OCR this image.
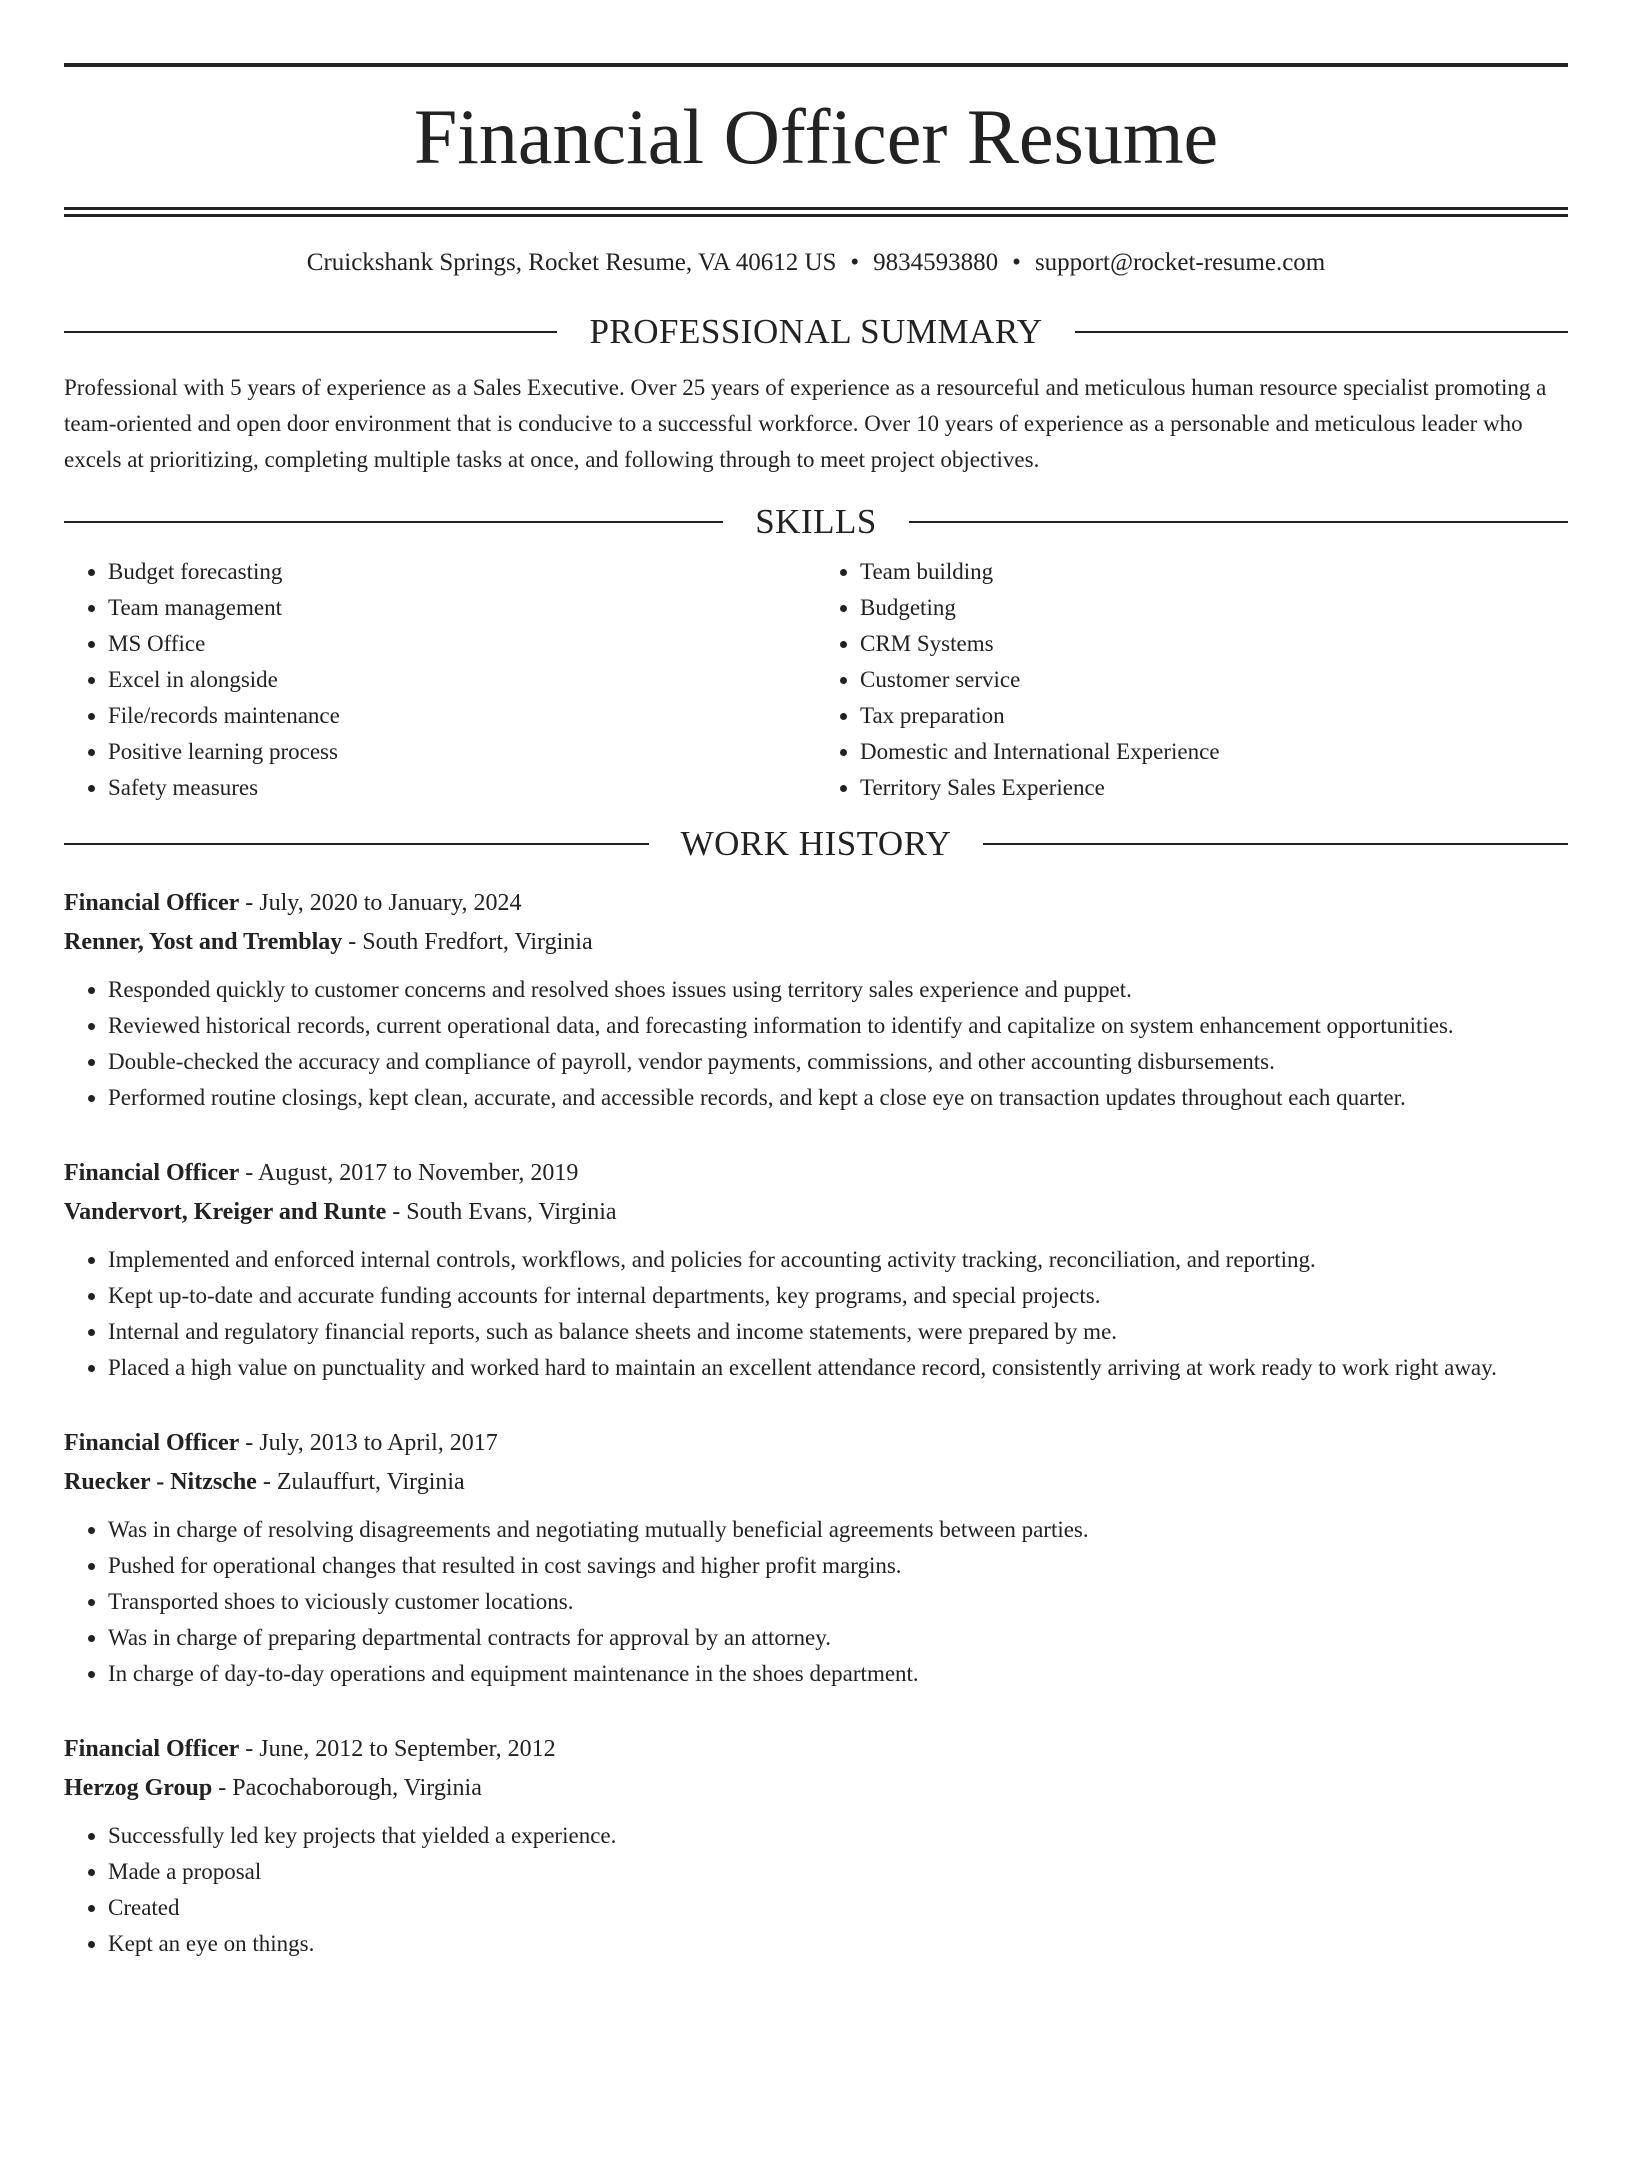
Financial Officer Resume
Cruickshank Springs, Rocket Resume, VA 40612 US • 9834593880 • support@rocket-resume.com
PROFESSIONAL SUMMARY

Professional with 5 years of experience as a Sales Executive. Over 25 years of experience as a resourceful and meticulous human resource specialist promoting a team-oriented and open door environment that is conducive to a successful workforce. Over 10 years of experience as a personable and meticulous leader who excels at prioritizing, completing multiple tasks at once, and following through to meet project objectives.

SKILLS
• Budget forecasting
• Team management
• MS Office
• Excel in alongside
• File/records maintenance
• Positive learning process
• Safety measures
• Team building
• Budgeting
• CRM Systems
• Customer service
• Tax preparation
• Domestic and International Experience
• Territory Sales Experience
WORK HISTORY
Financial Officer - July, 2020 to January, 2024
Renner, Yost and Tremblay - South Fredfort, Virginia
• Responded quickly to customer concerns and resolved shoes issues using territory sales experience and puppet.
• Reviewed historical records, current operational data, and forecasting information to identify and capitalize on system enhancement opportunities.
• Double-checked the accuracy and compliance of payroll, vendor payments, commissions, and other accounting disbursements.
• Performed routine closings, kept clean, accurate, and accessible records, and kept a close eye on transaction updates throughout each quarter.
Financial Officer - August, 2017 to November, 2019
Vandervort, Kreiger and Runte - South Evans, Virginia
• Implemented and enforced internal controls, workflows, and policies for accounting activity tracking, reconciliation, and reporting.
• Kept up-to-date and accurate funding accounts for internal departments, key programs, and special projects.
• Internal and regulatory financial reports, such as balance sheets and income statements, were prepared by me.
• Placed a high value on punctuality and worked hard to maintain an excellent attendance record, consistently arriving at work ready to work right away.
Financial Officer - July, 2013 to April, 2017
Ruecker - Nitzsche - Zulauffurt, Virginia
• Was in charge of resolving disagreements and negotiating mutually beneficial agreements between parties.
• Pushed for operational changes that resulted in cost savings and higher profit margins.
• Transported shoes to viciously customer locations.
• Was in charge of preparing departmental contracts for approval by an attorney.
• In charge of day-to-day operations and equipment maintenance in the shoes department.
Financial Officer - June, 2012 to September, 2012
Herzog Group - Pacochaborough, Virginia
• Successfully led key projects that yielded a experience.
• Made a proposal
• Created
• Kept an eye on things.
